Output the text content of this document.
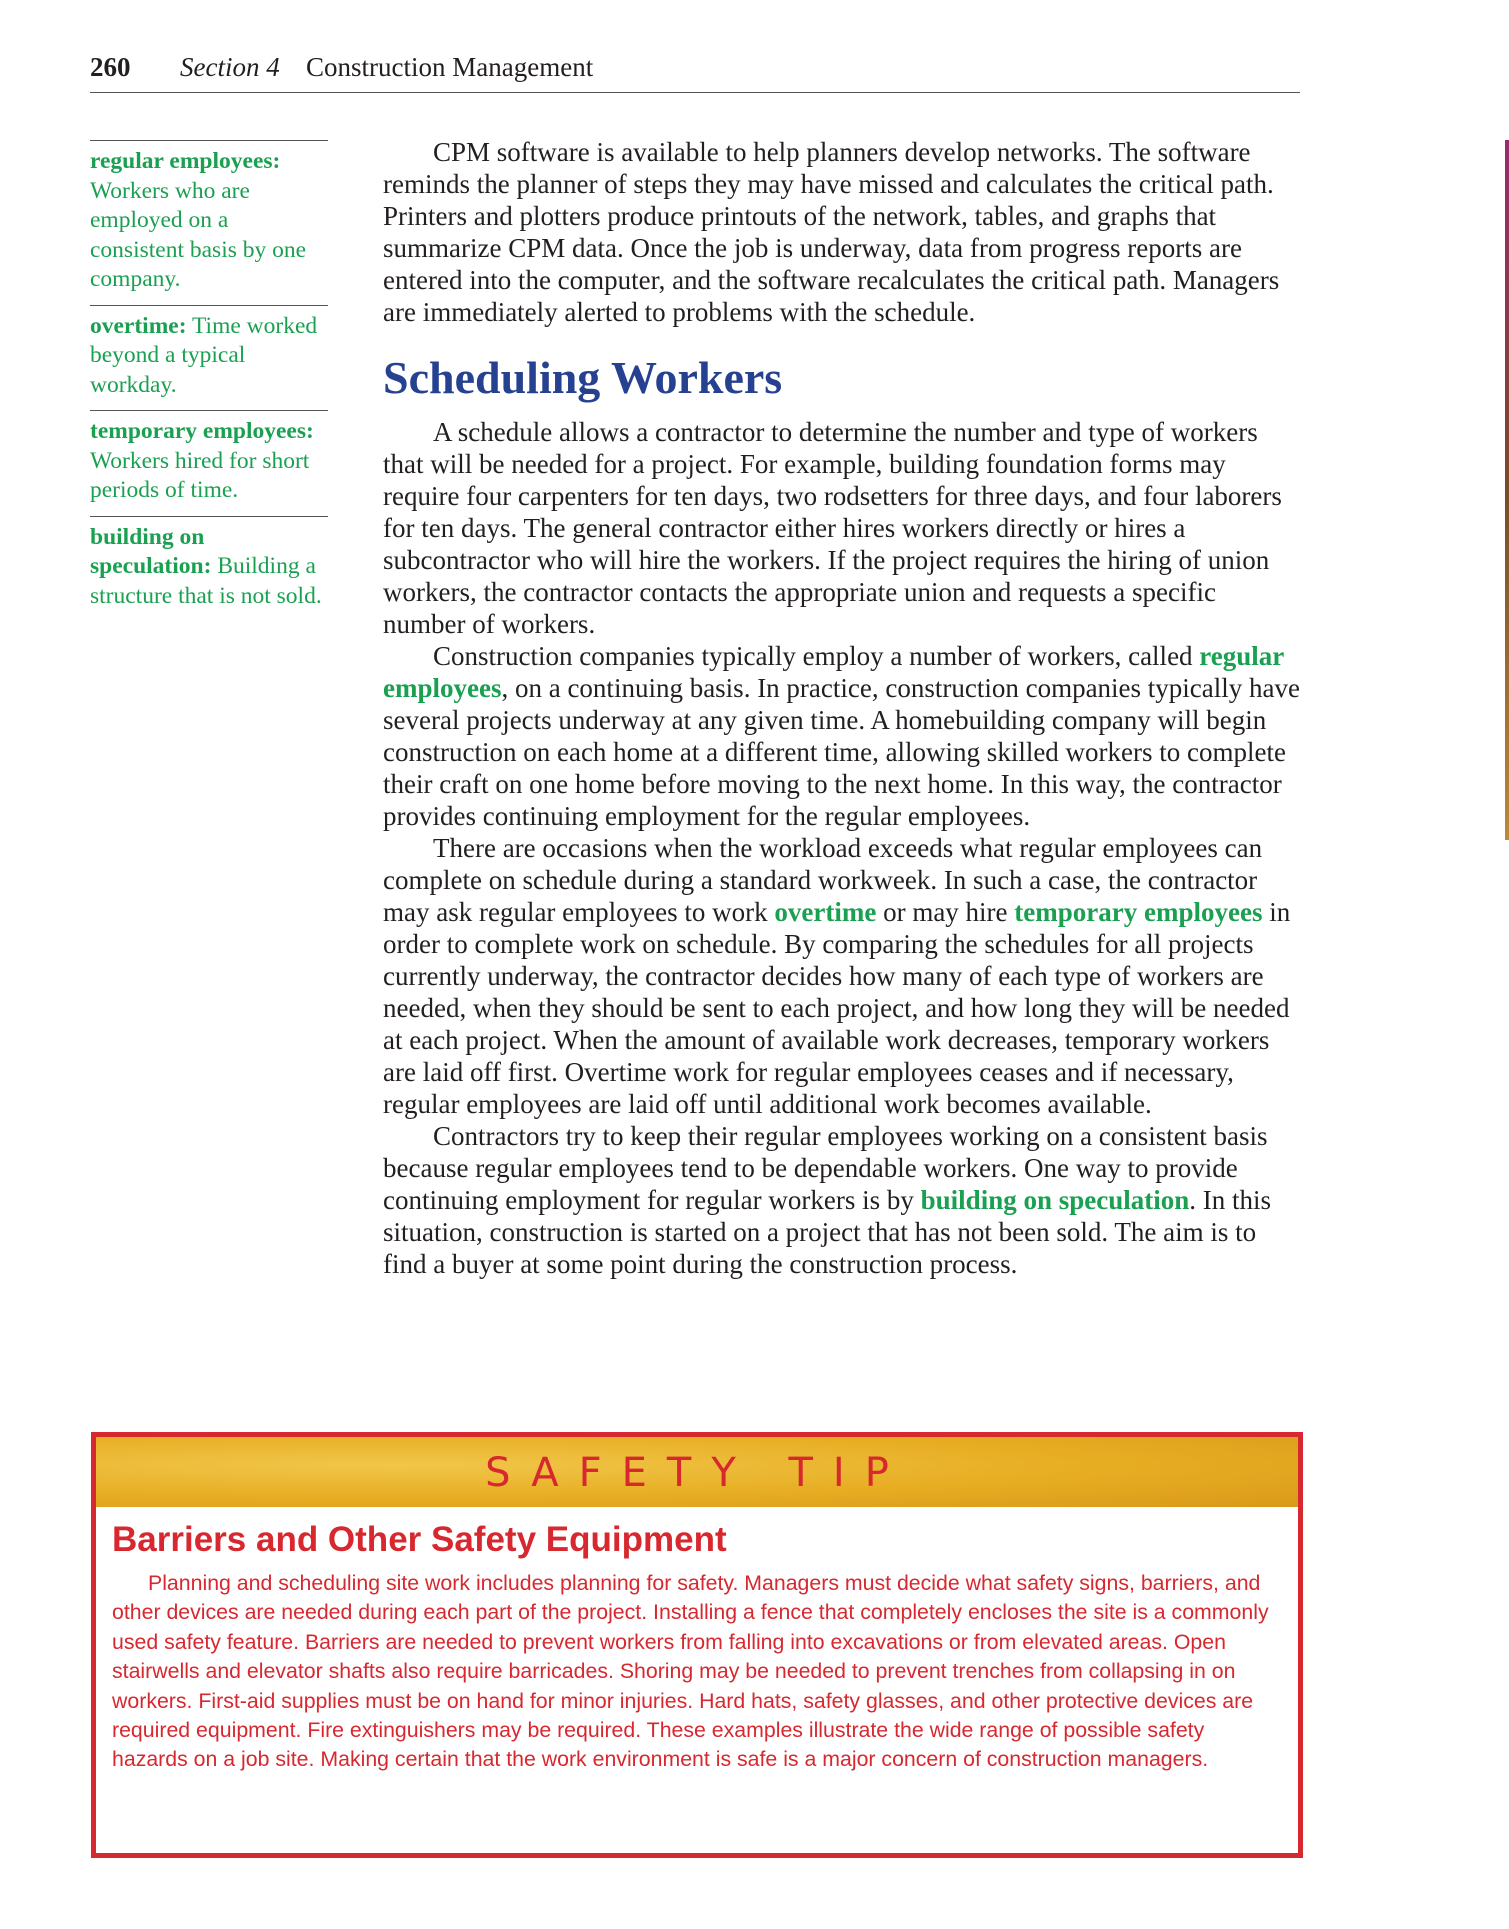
260 Section 4 Construction Management
regular employees: Workers who are employed on a consistent basis by one company.
overtime: Time worked beyond a typical workday.
temporary employees: Workers hired for short periods of time.
building on speculation: Building a structure that is not sold.

CPM software is available to help planners develop networks. The software reminds the planner of steps they may have missed and calculates the critical path. Printers and plotters produce printouts of the network, tables, and graphs that summarize CPM data. Once the job is underway, data from progress reports are entered into the computer, and the software recalculates the critical path. Managers are immediately alerted to problems with the schedule.

Scheduling Workers

A schedule allows a contractor to determine the number and type of workers that will be needed for a project. For example, building foundation forms may require four carpenters for ten days, two rodsetters for three days, and four laborers for ten days. The general contractor either hires workers directly or hires a subcontractor who will hire the workers. If the project requires the hiring of union workers, the contractor contacts the appropriate union and requests a specific number of workers.

Construction companies typically employ a number of workers, called regular employees, on a continuing basis. In practice, construction companies typically have several projects underway at any given time. A homebuilding company will begin construction on each home at a different time, allowing skilled workers to complete their craft on one home before moving to the next home. In this way, the contractor provides continuing employment for the regular employees.

There are occasions when the workload exceeds what regular employees can complete on schedule during a standard workweek. In such a case, the contractor may ask regular employees to work overtime or may hire temporary employees in order to complete work on schedule. By comparing the schedules for all projects currently underway, the contractor decides how many of each type of workers are needed, when they should be sent to each project, and how long they will be needed at each project. When the amount of available work decreases, temporary workers are laid off first. Overtime work for regular employees ceases and if necessary, regular employees are laid off until additional work becomes available.

Contractors try to keep their regular employees working on a consistent basis because regular employees tend to be dependable workers. One way to provide continuing employment for regular workers is by building on speculation. In this situation, construction is started on a project that has not been sold. The aim is to find a buyer at some point during the construction process.

SAFETY TIP
Barriers and Other Safety Equipment
Planning and scheduling site work includes planning for safety. Managers must decide what safety signs, barriers, and other devices are needed during each part of the project. Installing a fence that completely encloses the site is a commonly used safety feature. Barriers are needed to prevent workers from falling into excavations or from elevated areas. Open stairwells and elevator shafts also require barricades. Shoring may be needed to prevent trenches from collapsing in on workers. First-aid supplies must be on hand for minor injuries. Hard hats, safety glasses, and other protective devices are required equipment. Fire extinguishers may be required. These examples illustrate the wide range of possible safety hazards on a job site. Making certain that the work environment is safe is a major concern of construction managers.
